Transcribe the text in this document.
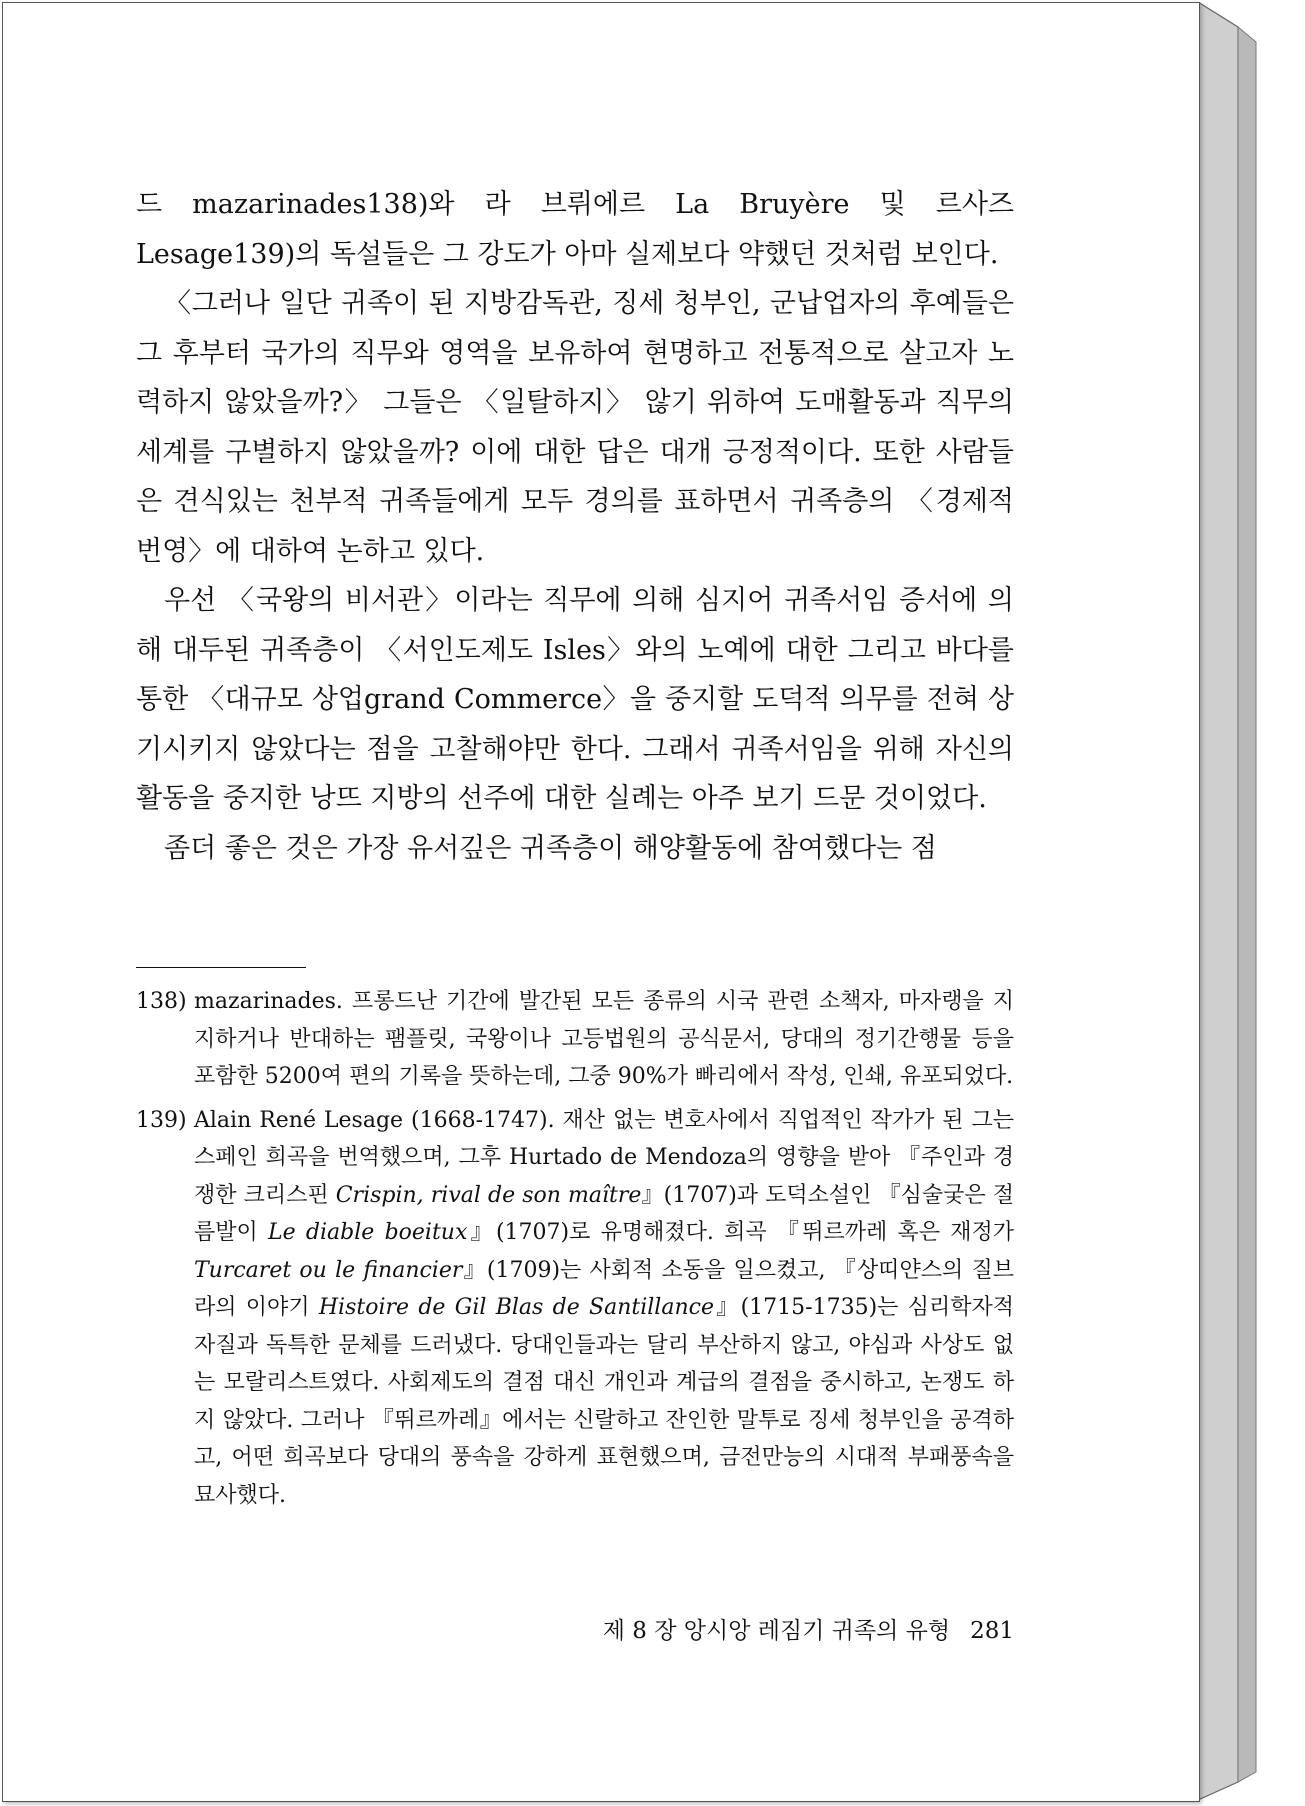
드 mazarinades138)와 라 브뤼에르 La Bruyère 및 르사즈 Lesage139)의 독설들은 그 강도가 아마 실제보다 약했던 것처럼 보인다.

〈그러나 일단 귀족이 된 지방감독관, 징세 청부인, 군납업자의 후예들은 그 후부터 국가의 직무와 영역을 보유하여 현명하고 전통적으로 살고자 노력하지 않았을까?〉 그들은 〈일탈하지〉 않기 위하여 도매활동과 직무의 세계를 구별하지 않았을까? 이에 대한 답은 대개 긍정적이다. 또한 사람들은 견식있는 천부적 귀족들에게 모두 경의를 표하면서 귀족층의 〈경제적 번영〉에 대하여 논하고 있다.

우선 〈국왕의 비서관〉이라는 직무에 의해 심지어 귀족서임 증서에 의해 대두된 귀족층이 〈서인도제도 Isles〉와의 노예에 대한 그리고 바다를 통한 〈대규모 상업grand Commerce〉을 중지할 도덕적 의무를 전혀 상기시키지 않았다는 점을 고찰해야만 한다. 그래서 귀족서임을 위해 자신의 활동을 중지한 낭뜨 지방의 선주에 대한 실례는 아주 보기 드문 것이었다.

좀더 좋은 것은 가장 유서깊은 귀족층이 해양활동에 참여했다는 점

138) mazarinades. 프롱드난 기간에 발간된 모든 종류의 시국 관련 소책자, 마자랭을 지지하거나 반대하는 팸플릿, 국왕이나 고등법원의 공식문서, 당대의 정기간행물 등을 포함한 5200여 편의 기록을 뜻하는데, 그중 90%가 빠리에서 작성, 인쇄, 유포되었다.
139) Alain René Lesage (1668-1747). 재산 없는 변호사에서 직업적인 작가가 된 그는 스페인 희곡을 번역했으며, 그후 Hurtado de Mendoza의 영향을 받아 『주인과 경쟁한 크리스핀 Crispin, rival de son maître』(1707)과 도덕소설인 『심술궂은 절름발이 Le diable boeitux』(1707)로 유명해졌다. 희곡 『뛰르까레 혹은 재정가 Turcaret ou le financier』(1709)는 사회적 소동을 일으켰고, 『상띠얀스의 질브라의 이야기 Histoire de Gil Blas de Santillance』(1715-1735)는 심리학자적 자질과 독특한 문체를 드러냈다. 당대인들과는 달리 부산하지 않고, 야심과 사상도 없는 모랄리스트였다. 사회제도의 결점 대신 개인과 계급의 결점을 중시하고, 논쟁도 하지 않았다. 그러나 『뛰르까레』에서는 신랄하고 잔인한 말투로 징세 청부인을 공격하고, 어떤 희곡보다 당대의 풍속을 강하게 표현했으며, 금전만능의 시대적 부패풍속을 묘사했다.
제 8 장 앙시앙 레짐기 귀족의 유형 281
